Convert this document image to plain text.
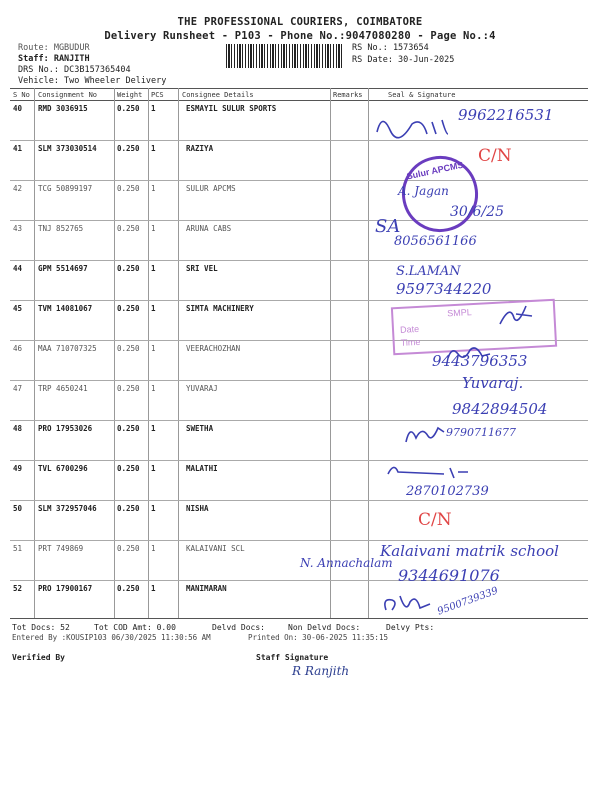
THE PROFESSIONAL COURIERS, COIMBATORE
Delivery Runsheet - P103 - Phone No.:9047080280 - Page No.:4
Route: MGBUDUR
Staff: RANJITH
DRS No.: DC3B157365404
Vehicle: Two Wheeler Delivery
RS No.: 1573654
RS Date: 30-Jun-2025
S No Consignment No	Weight PCS	Consignee Details	Remarks	Seal & Signature
40 RMD 3036915	0.250 1	ESMAYIL SULUR SPORTS
41 SLM 373030514	0.250 1	RAZIYA
42 TCG 50899197	0.250 1	SULUR APCMS
43 TNJ 852765	0.250 1	ARUNA CABS
44 GPM 5514697	0.250 1	SRI VEL
45 TVM 14081067	0.250 1	SIMTA MACHINERY
46 MAA 710707325	0.250 1	VEERACHOZHAN
47 TRP 4650241	0.250 1	YUVARAJ
48 PRO 17953026	0.250 1	SWETHA
49 TVL 6700296	0.250 1	MALATHI
50 SLM 372957046	0.250 1	NISHA
51 PRT 749869	0.250 1	KALAIVANI SCL
52 PRO 17900167	0.250 1	MANIMARAN
Sulur APCMS
SMPL
Date
Time
9962216531
C/N
A. Jagan
30/6/25
SA
8056561166
S.LAMAN
9597344220
9443796353
Yuvaraj.
9842894504
9790711677
2870102739
C/N
Kalaivani matrik school
N. Annachalam
9344691076
9500739339
Tot Docs: 52	Tot COD Amt: 0.00	Delvd Docs:	Non Delvd Docs:	Delvy Pts:
Entered By :KOUSIP103 06/30/2025 11:30:56 AM	Printed On: 30-06-2025 11:35:15
Verified By	Staff Signature
R Ranjith
